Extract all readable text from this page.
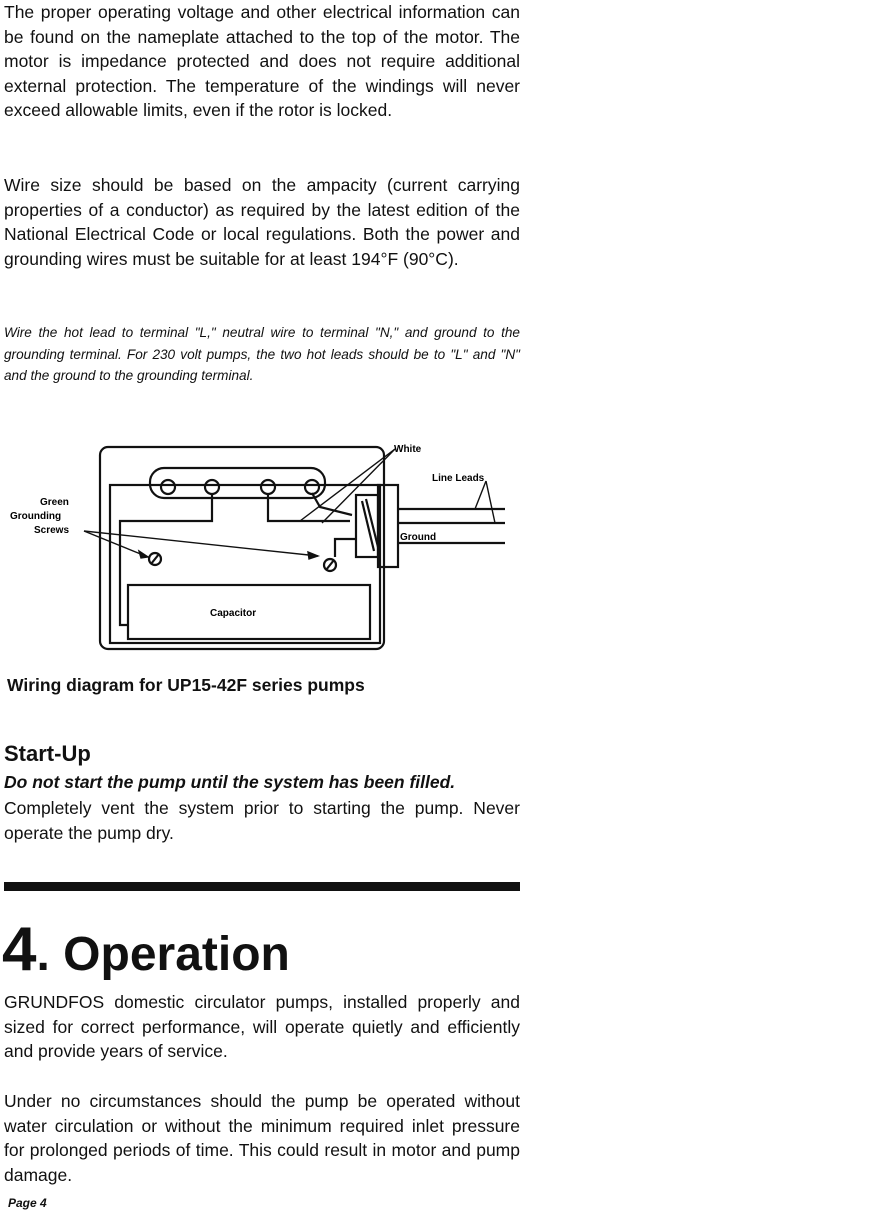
The proper operating voltage and other electrical information can be found on the nameplate attached to the top of the motor. The motor is impedance protected and does not require additional external protection. The temperature of the windings will never exceed allowable limits, even if the rotor is locked.

Wire size should be based on the ampacity (current carrying properties of a conductor) as required by the latest edition of the National Electrical Code or local regulations. Both the power and grounding wires must be suitable for at least 194°F (90°C).

Wire the hot lead to terminal "L," neutral wire to terminal "N," and ground to the grounding terminal. For 230 volt pumps, the two hot leads should be to "L" and "N" and the ground to the grounding terminal.

White
Line Leads
Ground
Green
Grounding
Screws
Capacitor

Wiring diagram for UP15-42F series pumps

Start-Up

Do not start the pump until the system has been filled.

Completely vent the system prior to starting the pump. Never operate the pump dry.

4. Operation

GRUNDFOS domestic circulator pumps, installed properly and sized for correct performance, will operate quietly and efficiently and provide years of service.

Under no circumstances should the pump be operated without water circulation or without the minimum required inlet pressure for prolonged periods of time. This could result in motor and pump damage.

Page 4
